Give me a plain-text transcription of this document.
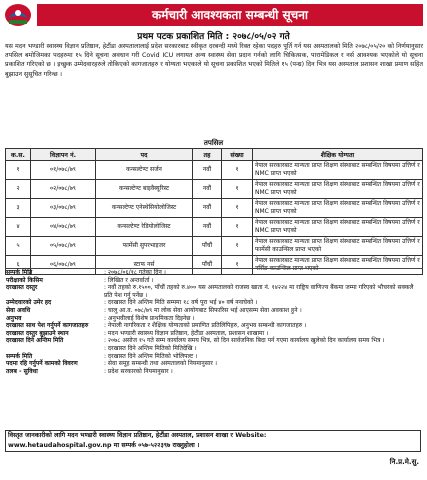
कर्मचारी आवश्यकता सम्बन्धी सूचना
प्रथम पटक प्रकाशित मिति : २०७८/०५/०२ गते
यस मदन भण्डारी स्वास्थ्य विज्ञान प्रतिष्ठान, हेटौंडा अस्पतालालाई प्रदेश सरकारबाट स्वीकृत दरबन्दी मध्ये रिक्त रहेका पदहरु पूर्ति गर्न यस अस्पतालको मिति २०७८/०५/२० को निर्णयानुसार तपसिल बमोजिमका पदहरुमा १५ दिने सूचना अवधान गरी Covid ICU लगायत अन्य स्वास्थ्य सेवा प्रदान गर्नको लागि चिकित्सक, पारामेडिकल र नर्स आवश्यक भएकोले यो सूचना प्रकाशित गरिएको छ । इच्छुक उम्मेदवारहरुले तोकिएको कागजातहरु र योग्यता भएकाले यो सूचना प्रकाशित भएको मितिले १५ (पन्ध्र) दिन भित्र यस अस्पताल प्रशासन शाखा प्रमाण सहित बुझाउन सुसूचित गरिन्छ ।
तपसिल
क.स.	विज्ञापन नं.	पद	तह	संख्या	शैक्षिक योग्यता
१	०१/०७८/७९	कन्सल्टेण्ट सर्जन	नवौं	१	नेपाल सरकारबाट मान्यता प्राप्त शिक्षण संस्थाबाट सम्बन्धित विषयमा उत्तिर्ण र NMC प्राप्त भएको
२	०२/०७८/७९	कन्सल्टेण्ट बाइवैब्यूरिस्ट	नवौं	१	नेपाल सरकारबाट मान्यता प्राप्त शिक्षण संस्थाबाट सम्बन्धित विषयमा उत्तिर्ण र NMC प्राप्त भएको
३	०३/०७८/७९	कन्सल्टेण्ट एनेस्थेसियोलोजिस्ट	नवौं	१	नेपाल सरकारबाट मान्यता प्राप्त शिक्षण संस्थाबाट सम्बन्धित विषयमा उत्तिर्ण र NMC प्राप्त भएको
४	०४/०७८/७९	कन्सल्टेण्ट रेडियोलोजिस्ट	नवौं	१	नेपाल सरकारबाट मान्यता प्राप्त शिक्षण संस्थाबाट सम्बन्धित विषयमा उत्तिर्ण र NMC प्राप्त भएको
५	०५/०७८/७९	फार्मेसी सुपरभाइजर	पाँचौं	१	नेपाल सरकारबाट मान्यता प्राप्त शिक्षण संस्थाबाट सम्बन्धित विषयमा उत्तिर्ण र फार्मेसी काउन्सिल प्राप्त भएको
६	०६/०७८/७९	स्टाफ नर्स	पाँचौं	१	नेपाल सरकारबाट मान्यता प्राप्त शिक्षण संस्थाबाट सम्बन्धित विषयमा उत्तिर्ण र
सम्पर्क मिति	: २०७८/०६/१८ गतेका दिन ।
परीक्षाको किसिम	: लिखित र अन्तर्वार्ता ।
दरखास्त दस्तुर	: नवौं तहको रु.१५००, पाँचौं तहको रु.४०० यस अस्पतालको राजस्व खाता नं. १४२२४ मा राष्ट्रिय वाणिज्य बैंकमा जम्मा गरिएको भौचरको सक्कलै प्रति पेश गर्नु पर्नेछ ।
उम्मेदवारको उमेर हद	: दरखास्त दिने अन्तिम मिति सम्ममा १८ वर्ष पूरा भई ४० वर्ष ननाघेको ।
सेवा अवधि	: चालु आ.व. ०७८/७९ मा लोक सेवा आयोगबाट सिफारिस भई आएसम्म सेवा अवकाश हुने ।
अनुभव	: अनुभवीलाई विशेष प्राथमिकता दिइनेछ ।
दरखास्त साथ पेश गर्नुपर्ने कागजातहरु	: नेपाली नागरिकता र शैक्षिक योग्यताको प्रमाणित प्रतिलिपिहरु, अनुभव सम्बन्धी कागजातहरु ।
दरखास्त दस्तुर बुझाउने स्थान	: मदन भण्डारी स्वास्थ्य विज्ञान प्रतिष्ठान, हेटौंडा अस्पताल, प्रशासन शाखामा ।
दरखास्त दिने अन्तिम मिति	: २०७८ असोज १५ गते सम्म कार्यालय समय भित्र, सो दिन सार्वजनिक बिदा पर्न गएमा कार्यालय खुलेको दिन कार्यालय समय भित्र ।
	: दरखास्त दिने अन्तिम मितिको मितिदेखि ।
सम्पर्क मिति	: दरखास्त दिने अन्तिम मितिको भोलिपल्ट ।
पदमा रहि गर्नुपर्ने कामको विवरण	: सेवा समूह सम्बन्धी तथा अस्पतालको नियमानुसार ।
तलब - सुविधा	: प्रदेश सरकारको नियमानुसार ।
विस्तृत जानकारीको लागि मदन भण्डारी स्वास्थ्य विज्ञान प्रतिष्ठान, हेटौंडा अस्पताल, प्रशासन शाखा र Website:
www.hetaudahospital.gov.np मा सम्पर्क ०५७-५२२३९७ राख्नुहोला ।
नि.प्र.मे.सु.
